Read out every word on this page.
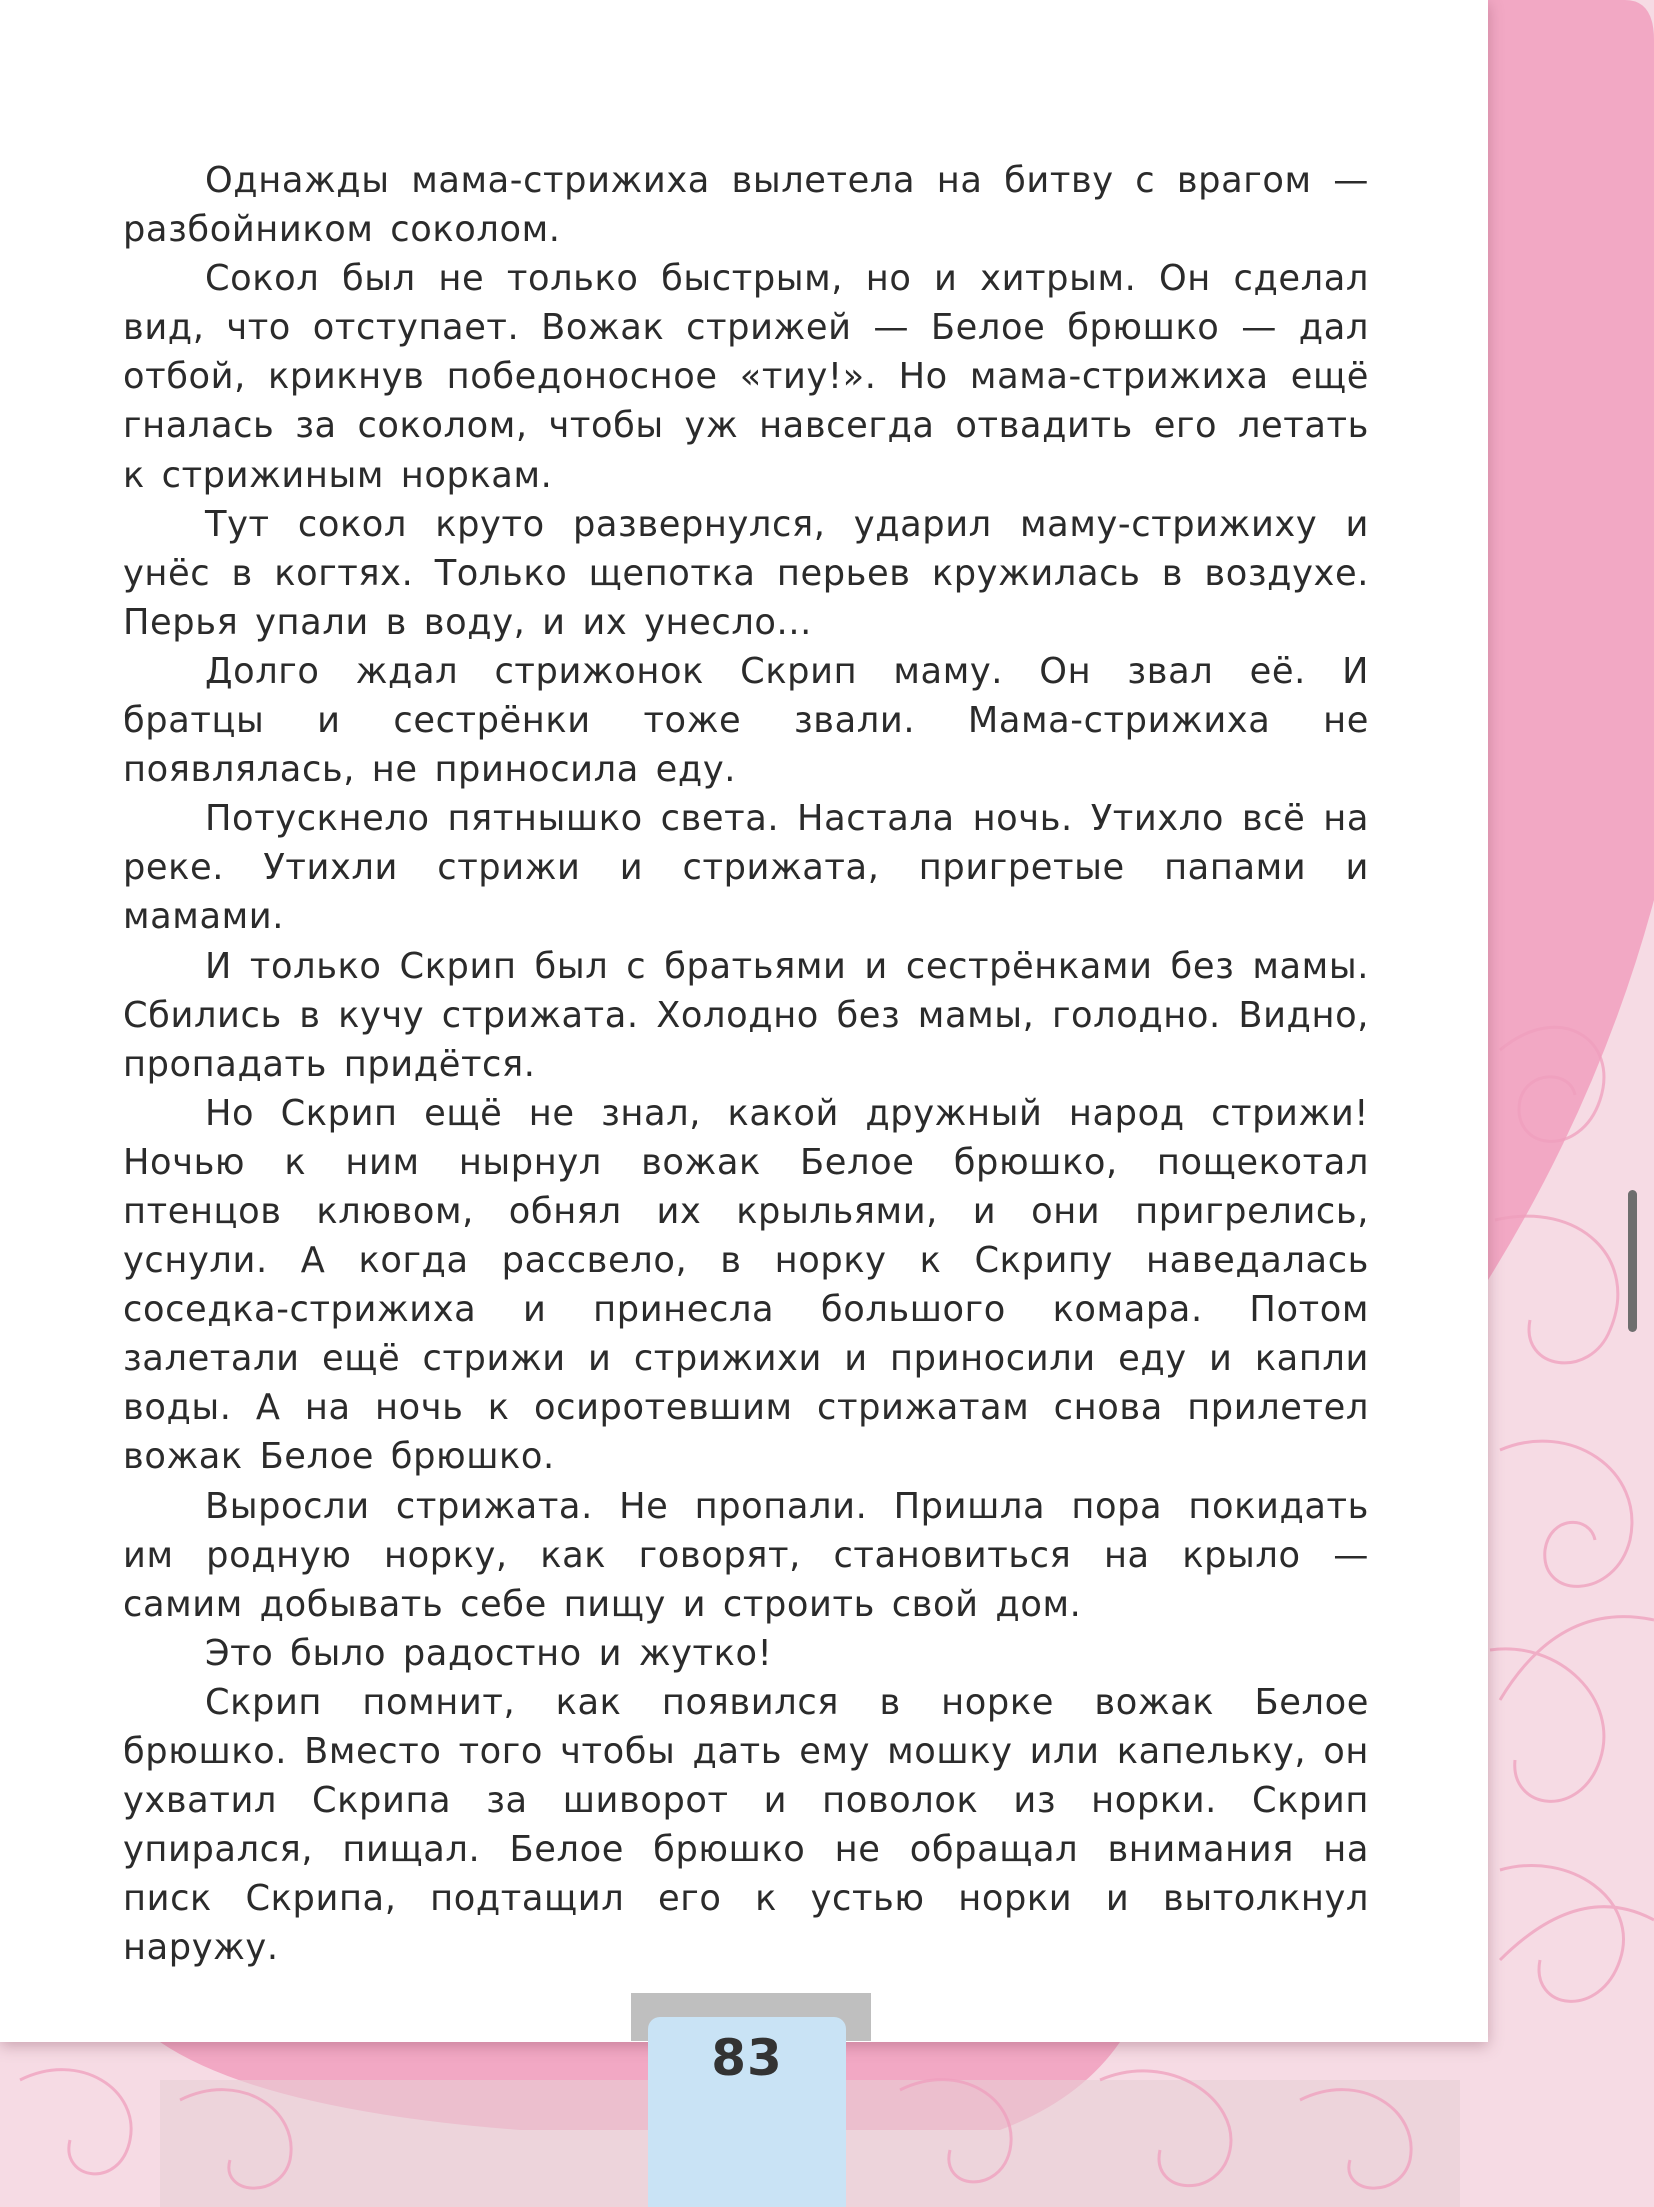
Однажды мама-стрижиха вылетела на битву с врагом — разбойником соколом.

Сокол был не только быстрым, но и хитрым. Он сделал вид, что отступает. Вожак стрижей — Белое брюшко — дал отбой, крикнув победоносное «тиу!». Но мама-стрижиха ещё гналась за соколом, чтобы уж навсегда отвадить его летать к стрижиным норкам.

Тут сокол круто развернулся, ударил маму-стрижиху и унёс в когтях. Только щепотка перьев кружилась в воздухе. Перья упали в воду, и их унесло...

Долго ждал стрижонок Скрип маму. Он звал её. И братцы и сестрёнки тоже звали. Мама-стрижиха не появлялась, не приносила еду.

Потускнело пятнышко света. Настала ночь. Утихло всё на реке. Утихли стрижи и стрижата, пригретые папами и мамами.

И только Скрип был с братьями и сестрёнками без мамы. Сбились в кучу стрижата. Холодно без мамы, голодно. Видно, пропадать придётся.

Но Скрип ещё не знал, какой дружный народ стрижи! Ночью к ним нырнул вожак Белое брюшко, пощекотал птенцов клювом, обнял их крыльями, и они пригрелись, уснули. А когда рассвело, в норку к Скрипу наведалась соседка-стрижиха и принесла большого комара. Потом залетали ещё стрижи и стрижихи и приносили еду и капли воды. А на ночь к осиротевшим стрижатам снова прилетел вожак Белое брюшко.

Выросли стрижата. Не пропали. Пришла пора покидать им родную норку, как говорят, становиться на крыло — самим добывать себе пищу и строить свой дом.

Это было радостно и жутко!

Скрип помнит, как появился в норке вожак Белое брюшко. Вместо того чтобы дать ему мошку или капельку, он ухватил Скрипа за шиворот и поволок из норки. Скрип упирался, пищал. Белое брюшко не обращал внимания на писк Скрипа, подтащил его к устью норки и вытолкнул наружу.

83
